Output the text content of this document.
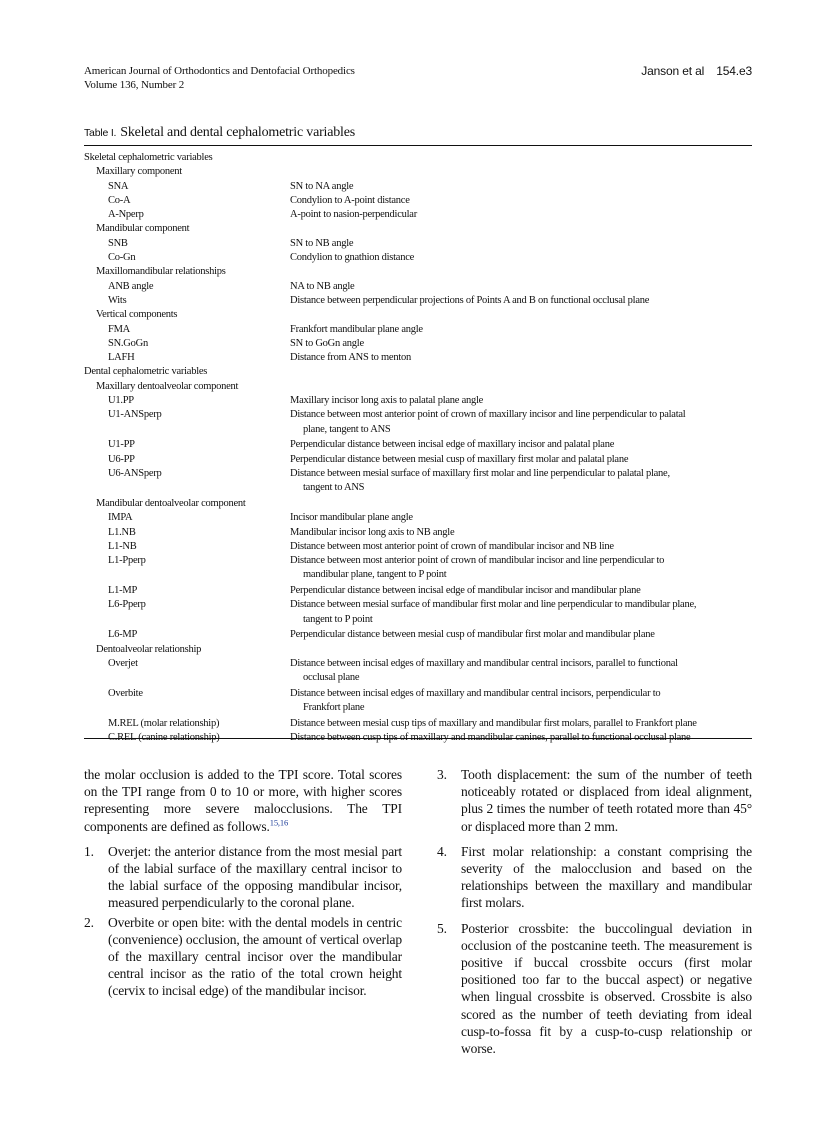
American Journal of Orthodontics and Dentofacial Orthopedics
Volume 136, Number 2
Janson et al 154.e3
Table I. Skeletal and dental cephalometric variables
Skeletal cephalometric variables
Maxillary component
SNA	SN to NA angle
Co-A	Condylion to A-point distance
A-Nperp	A-point to nasion-perpendicular
Mandibular component
SNB	SN to NB angle
Co-Gn	Condylion to gnathion distance
Maxillomandibular relationships
ANB angle	NA to NB angle
Wits	Distance between perpendicular projections of Points A and B on functional occlusal plane
Vertical components
FMA	Frankfort mandibular plane angle
SN.GoGn	SN to GoGn angle
LAFH	Distance from ANS to menton
Dental cephalometric variables
Maxillary dentoalveolar component
U1.PP	Maxillary incisor long axis to palatal plane angle
U1-ANSperp	Distance between most anterior point of crown of maxillary incisor and line perpendicular to palatal
plane, tangent to ANS
U1-PP	Perpendicular distance between incisal edge of maxillary incisor and palatal plane
U6-PP	Perpendicular distance between mesial cusp of maxillary first molar and palatal plane
U6-ANSperp	Distance between mesial surface of maxillary first molar and line perpendicular to palatal plane,
tangent to ANS
Mandibular dentoalveolar component
IMPA	Incisor mandibular plane angle
L1.NB	Mandibular incisor long axis to NB angle
L1-NB	Distance between most anterior point of crown of mandibular incisor and NB line
L1-Pperp	Distance between most anterior point of crown of mandibular incisor and line perpendicular to
mandibular plane, tangent to P point
L1-MP	Perpendicular distance between incisal edge of mandibular incisor and mandibular plane
L6-Pperp	Distance between mesial surface of mandibular first molar and line perpendicular to mandibular plane,
tangent to P point
L6-MP	Perpendicular distance between mesial cusp of mandibular first molar and mandibular plane
Dentoalveolar relationship
Overjet	Distance between incisal edges of maxillary and mandibular central incisors, parallel to functional
occlusal plane
Overbite	Distance between incisal edges of maxillary and mandibular central incisors, perpendicular to
Frankfort plane
M.REL (molar relationship)	Distance between mesial cusp tips of maxillary and mandibular first molars, parallel to Frankfort plane
C.REL (canine relationship)	Distance between cusp tips of maxillary and mandibular canines, parallel to functional occlusal plane

the molar occlusion is added to the TPI score. Total scores on the TPI range from 0 to 10 or more, with higher scores representing more severe malocclusions. The TPI components are defined as follows.$^{15,16}$

1.	Overjet: the anterior distance from the most mesial part of the labial surface of the maxillary central incisor to the labial surface of the opposing mandibular incisor, measured perpendicularly to the coronal plane.
2.	Overbite or open bite: with the dental models in centric (convenience) occlusion, the amount of vertical overlap of the maxillary central incisor over the mandibular central incisor as the ratio of the total crown height (cervix to incisal edge) of the mandibular incisor.
3.	Tooth displacement: the sum of the number of teeth noticeably rotated or displaced from ideal alignment, plus 2 times the number of teeth rotated more than 45° or displaced more than 2 mm.
4.	First molar relationship: a constant comprising the severity of the malocclusion and based on the relationships between the maxillary and mandibular first molars.
5.	Posterior crossbite: the buccolingual deviation in occlusion of the postcanine teeth. The measurement is positive if buccal crossbite occurs (first molar positioned too far to the buccal aspect) or negative when lingual crossbite is observed. Crossbite is also scored as the number of teeth deviating from ideal cusp-to-fossa fit by a cusp-to-cusp relationship or worse.
